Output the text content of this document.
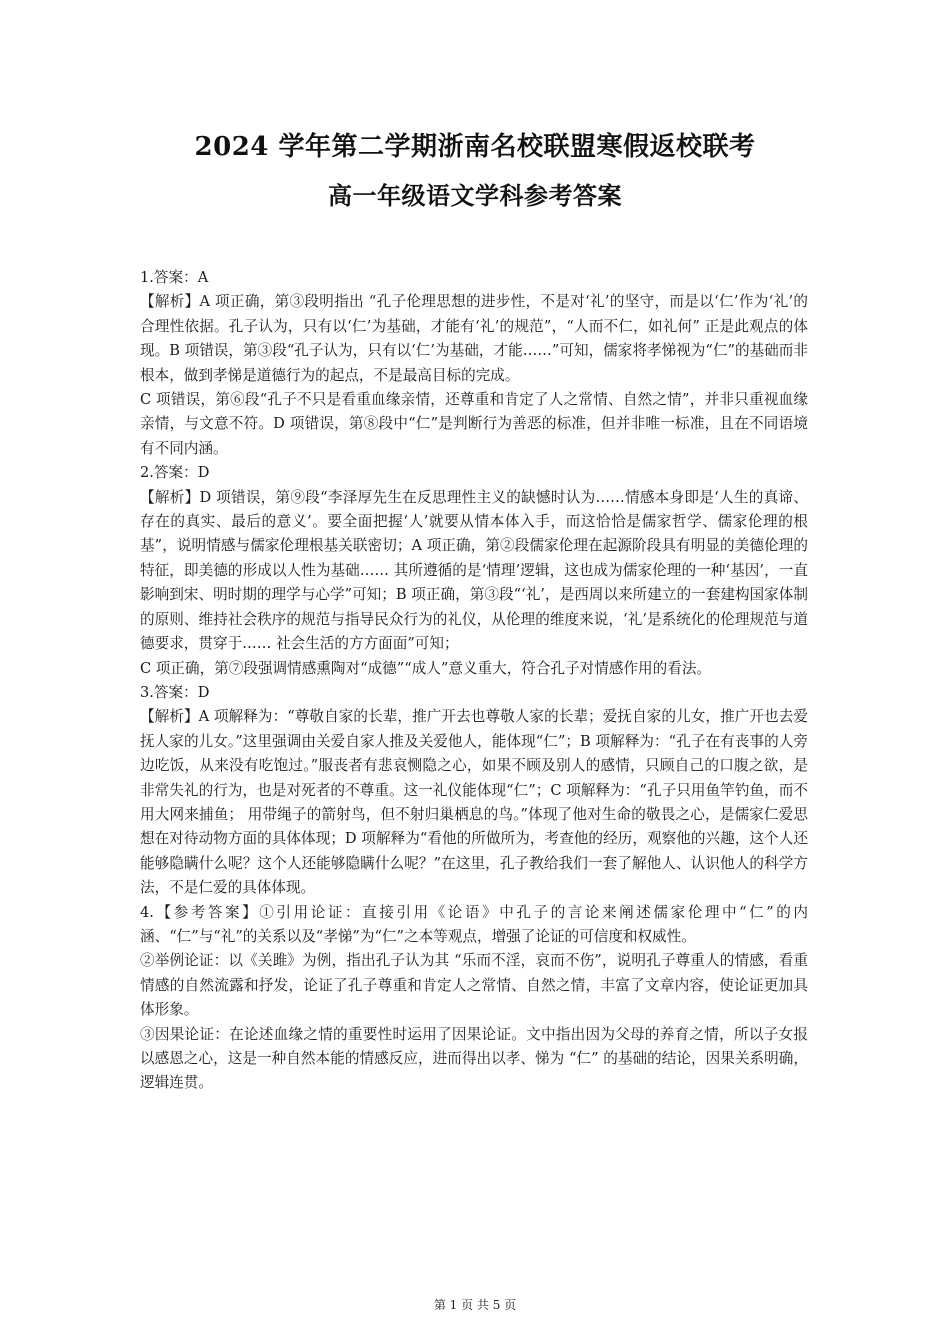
2024 学年第二学期浙南名校联盟寒假返校联考
高一年级语文学科参考答案

1.答案：A

【解析】A 项正确，第③段明指出 “孔子伦理思想的进步性，不是对‘礼’的坚守，而是以‘仁’作为‘礼’的合理性依据。孔子认为，只有以‘仁’为基础，才能有‘礼’的规范”，“人而不仁，如礼何” 正是此观点的体现。B 项错误，第③段“孔子认为，只有以‘仁’为基础，才能……”可知，儒家将孝悌视为“仁”的基础而非根本，做到孝悌是道德行为的起点，不是最高目标的完成。

C 项错误，第⑥段“孔子不只是看重血缘亲情，还尊重和肯定了人之常情、自然之情”，并非只重视血缘亲情，与文意不符。D 项错误，第⑧段中“仁”是判断行为善恶的标准，但并非唯一标准，且在不同语境有不同内涵。

2.答案：D

【解析】D 项错误，第⑨段“李泽厚先生在反思理性主义的缺憾时认为……情感本身即是‘人生的真谛、存在的真实、最后的意义’。要全面把握‘人’就要从情本体入手，而这恰恰是儒家哲学、儒家伦理的根基”，说明情感与儒家伦理根基关联密切；A 项正确，第②段儒家伦理在起源阶段具有明显的美德伦理的特征，即美德的形成以人性为基础…… 其所遵循的是‘情理’逻辑，这也成为儒家伦理的一种‘基因’，一直影响到宋、明时期的理学与心学”可知；B 项正确，第③段“‘礼’，是西周以来所建立的一套建构国家体制的原则、维持社会秩序的规范与指导民众行为的礼仪，从伦理的维度来说，‘礼’是系统化的伦理规范与道德要求，贯穿于…… 社会生活的方方面面”可知；

C 项正确，第⑦段强调情感熏陶对“成德”“成人”意义重大，符合孔子对情感作用的看法。

3.答案：D

【解析】A 项解释为：“尊敬自家的长辈，推广开去也尊敬人家的长辈；爱抚自家的儿女，推广开也去爱抚人家的儿女。”这里强调由关爱自家人推及关爱他人，能体现“仁”；B 项解释为：“孔子在有丧事的人旁边吃饭，从来没有吃饱过。”服丧者有悲哀恻隐之心，如果不顾及别人的感情，只顾自己的口腹之欲，是非常失礼的行为，也是对死者的不尊重。这一礼仪能体现“仁”；C 项解释为：“孔子只用鱼竿钓鱼，而不用大网来捕鱼； 用带绳子的箭射鸟，但不射归巢栖息的鸟。”体现了他对生命的敬畏之心，是儒家仁爱思想在对待动物方面的具体体现；D 项解释为“看他的所做所为，考查他的经历，观察他的兴趣，这个人还能够隐瞒什么呢？这个人还能够隐瞒什么呢？”在这里，孔子教给我们一套了解他人、认识他人的科学方法，不是仁爱的具体体现。

4.【参考答案】①引用论证：直接引用《论语》中孔子的言论来阐述儒家伦理中“仁”的内涵、“仁”与“礼”的关系以及“孝悌”为“仁”之本等观点，增强了论证的可信度和权威性。

②举例论证：以《关雎》为例，指出孔子认为其 “乐而不淫，哀而不伤”，说明孔子尊重人的情感，看重情感的自然流露和抒发，论证了孔子尊重和肯定人之常情、自然之情，丰富了文章内容，使论证更加具体形象。

③因果论证：在论述血缘之情的重要性时运用了因果论证。文中指出因为父母的养育之情，所以子女报以感恩之心，这是一种自然本能的情感反应，进而得出以孝、悌为 “仁” 的基础的结论，因果关系明确，逻辑连贯。

第 1 页 共 5 页
